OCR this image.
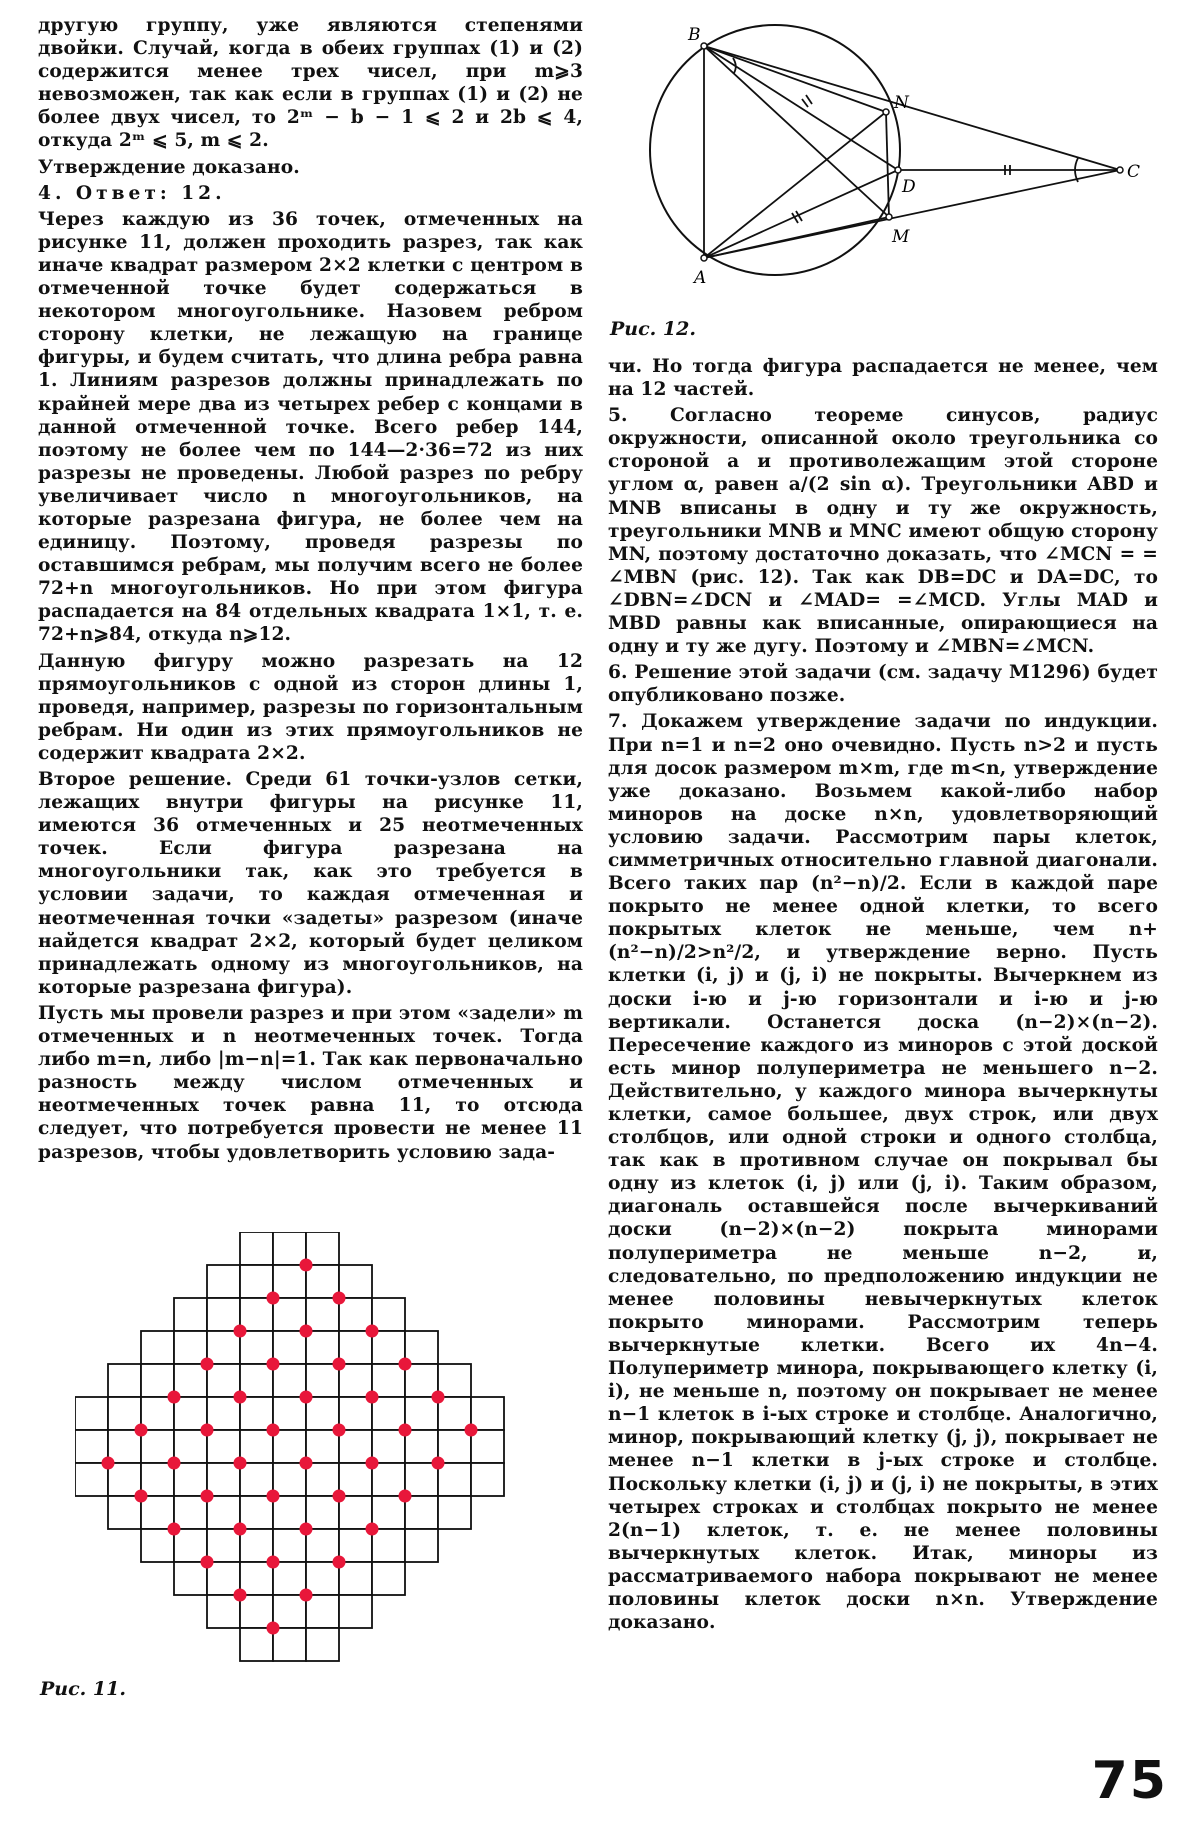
другую группу, уже являются степенями двойки. Случай, когда в обеих группах (1) и (2) содержится менее трех чисел, при m⩾3 невозможен, так как если в группах (1) и (2) не более двух чисел, то 2ᵐ − b − 1 ⩽ 2 и 2b ⩽ 4, откуда 2ᵐ ⩽ 5, m ⩽ 2.

Утверждение доказано.

4. Ответ: 12.

Через каждую из 36 точек, отмеченных на рисунке 11, должен проходить разрез, так как иначе квадрат размером 2×2 клетки с центром в отмеченной точке будет содержаться в некотором многоугольнике. Назовем ребром сторону клетки, не лежащую на границе фигуры, и будем считать, что длина ребра равна 1. Линиям разрезов должны принадлежать по крайней мере два из четырех ребер с концами в данной отмеченной точке. Всего ребер 144, поэтому не более чем по 144—2·36=72 из них разрезы не проведены. Любой разрез по ребру увеличивает число n многоугольников, на которые разрезана фигура, не более чем на единицу. Поэтому, проведя разрезы по оставшимся ребрам, мы получим всего не более 72+n многоугольников. Но при этом фигура распадается на 84 отдельных квадрата 1×1, т. е. 72+n⩾84, откуда n⩾12.

Данную фигуру можно разрезать на 12 прямоугольников с одной из сторон длины 1, проведя, например, разрезы по горизонтальным ребрам. Ни один из этих прямоугольников не содержит квадрата 2×2.

Второе решение. Среди 61 точки-узлов сетки, лежащих внутри фигуры на рисунке 11, имеются 36 отмеченных и 25 неотмеченных точек. Если фигура разрезана на многоугольники так, как это требуется в условии задачи, то каждая отмеченная и неотмеченная точки «задеты» разрезом (иначе найдется квадрат 2×2, который будет целиком принадлежать одному из многоугольников, на которые разрезана фигура).

Пусть мы провели разрез и при этом «задели» m отмеченных и n неотмеченных точек. Тогда либо m=n, либо |m−n|=1. Так как первоначально разность между числом отмеченных и неотмеченных точек равна 11, то отсюда следует, что потребуется провести не менее 11 разрезов, чтобы удовлетворить условию зада-

B
A
C
D
N
M
Рис. 12.

чи. Но тогда фигура распадается не менее, чем на 12 частей.

5. Согласно теореме синусов, радиус окружности, описанной около треугольника со стороной a и противолежащим этой стороне углом α, равен a/(2 sin α). Треугольники ABD и MNB вписаны в одну и ту же окружность, треугольники MNB и MNC имеют общую сторону MN, поэтому достаточно доказать, что ∠MCN = = ∠MBN (рис. 12). Так как DB=DC и DA=DC, то ∠DBN=∠DCN и ∠MAD= =∠MCD. Углы MAD и MBD равны как вписанные, опирающиеся на одну и ту же дугу. Поэтому и ∠MBN=∠MCN.

6. Решение этой задачи (см. задачу М1296) будет опубликовано позже.

7. Докажем утверждение задачи по индукции. При n=1 и n=2 оно очевидно. Пусть n>2 и пусть для досок размером m×m, где m<n, утверждение уже доказано. Возьмем какой-либо набор миноров на доске n×n, удовлетворяющий условию задачи. Рассмотрим пары клеток, симметричных относительно главной диагонали. Всего таких пар (n²−n)/2. Если в каждой паре покрыто не менее одной клетки, то всего покрытых клеток не меньше, чем n+(n²−n)/2>n²/2, и утверждение верно. Пусть клетки (i, j) и (j, i) не покрыты. Вычеркнем из доски i-ю и j-ю горизонтали и i-ю и j-ю вертикали. Останется доска (n−2)×(n−2). Пересечение каждого из миноров с этой доской есть минор полупериметра не меньшего n−2. Действительно, у каждого минора вычеркнуты клетки, самое большее, двух строк, или двух столбцов, или одной строки и одного столбца, так как в противном случае он покрывал бы одну из клеток (i, j) или (j, i). Таким образом, диагональ оставшейся после вычеркиваний доски (n−2)×(n−2) покрыта минорами полупериметра не меньше n−2, и, следовательно, по предположению индукции не менее половины невычеркнутых клеток покрыто минорами. Рассмотрим теперь вычеркнутые клетки. Всего их 4n−4. Полупериметр минора, покрывающего клетку (i, i), не меньше n, поэтому он покрывает не менее n−1 клеток в i-ых строке и столбце. Аналогично, минор, покрывающий клетку (j, j), покрывает не менее n−1 клетки в j-ых строке и столбце. Поскольку клетки (i, j) и (j, i) не покрыты, в этих четырех строках и столбцах покрыто не менее 2(n−1) клеток, т. е. не менее половины вычеркнутых клеток. Итак, миноры из рассматриваемого набора покрывают не менее половины клеток доски n×n. Утверждение доказано.

Рис. 11.
75
